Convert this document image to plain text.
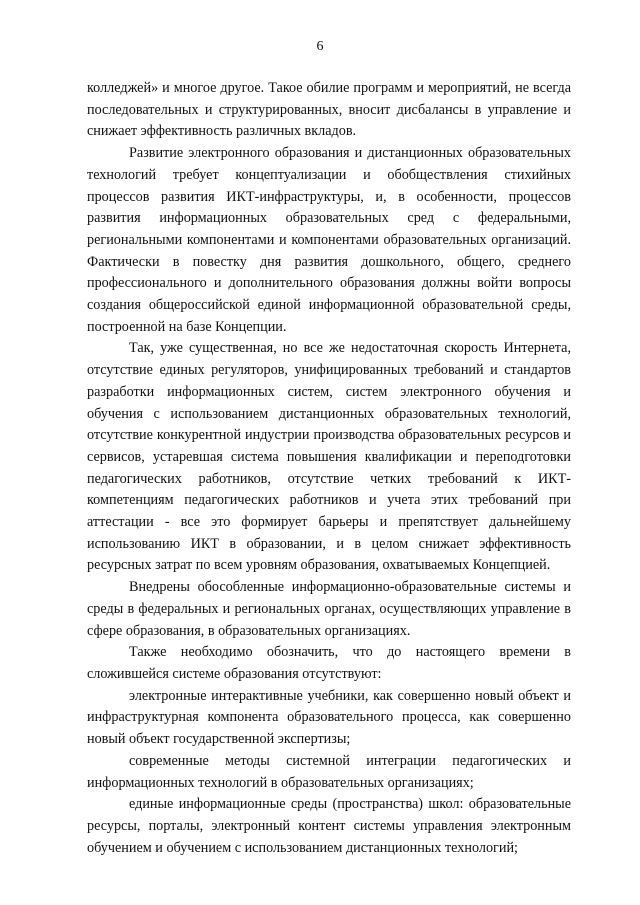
6

колледжей» и многое другое. Такое обилие программ и мероприятий, не всегда последовательных и структурированных, вносит дисбалансы в управление и снижает эффективность различных вкладов.

Развитие электронного образования и дистанционных образовательных технологий требует концептуализации и обобществления стихийных процессов развития ИКТ-инфраструктуры, и, в особенности, процессов развития информационных образовательных сред с федеральными, региональными компонентами и компонентами образовательных организаций. Фактически в повестку дня развития дошкольного, общего, среднего профессионального и дополнительного образования должны войти вопросы создания общероссийской единой информационной образовательной среды, построенной на базе Концепции.

Так, уже существенная, но все же недостаточная скорость Интернета, отсутствие единых регуляторов, унифицированных требований и стандартов разработки информационных систем, систем электронного обучения и обучения с использованием дистанционных образовательных технологий, отсутствие конкурентной индустрии производства образовательных ресурсов и сервисов, устаревшая система повышения квалификации и переподготовки педагогических работников, отсутствие четких требований к ИКТ-компетенциям педагогических работников и учета этих требований при аттестации - все это формирует барьеры и препятствует дальнейшему использованию ИКТ в образовании, и в целом снижает эффективность ресурсных затрат по всем уровням образования, охватываемых Концепцией.

Внедрены обособленные информационно-образовательные системы и среды в федеральных и региональных органах, осуществляющих управление в сфере образования, в образовательных организациях.

Также необходимо обозначить, что до настоящего времени в сложившейся системе образования отсутствуют:

электронные интерактивные учебники, как совершенно новый объект и инфраструктурная компонента образовательного процесса, как совершенно новый объект государственной экспертизы;

современные методы системной интеграции педагогических и информационных технологий в образовательных организациях;

единые информационные среды (пространства) школ: образовательные ресурсы, порталы, электронный контент системы управления электронным обучением и обучением с использованием дистанционных технологий;
